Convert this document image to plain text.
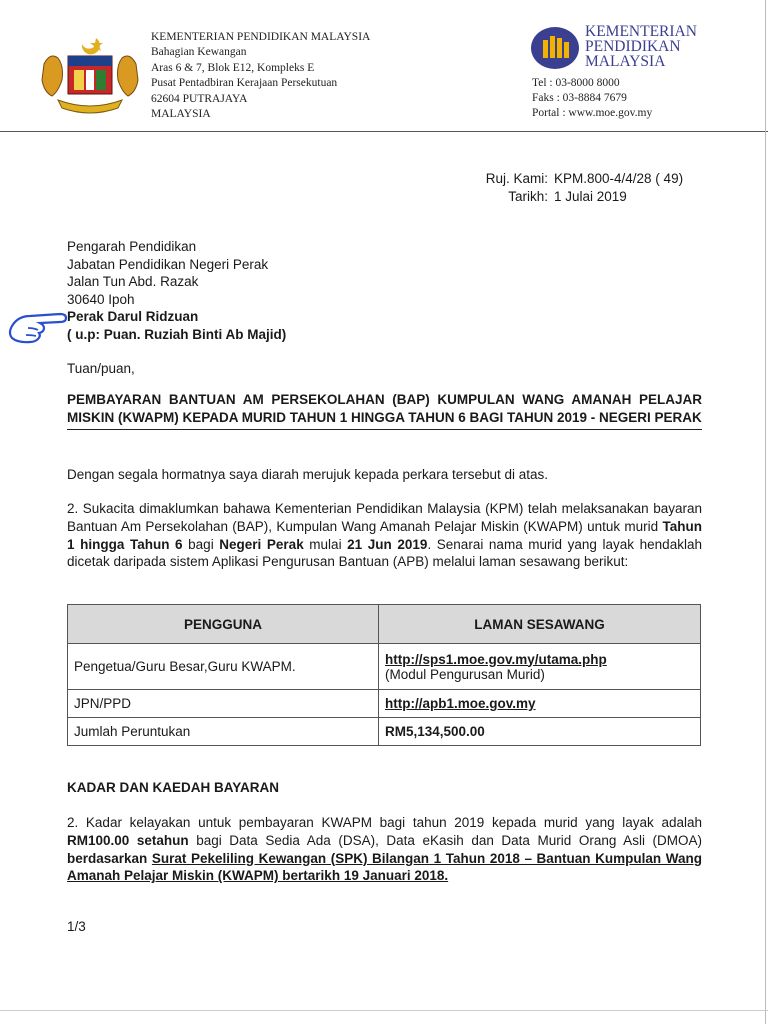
KEMENTERIAN PENDIDIKAN MALAYSIA
Bahagian Kewangan
Aras 6 & 7, Blok E12, Kompleks E
Pusat Pentadbiran Kerajaan Persekutuan
62604 PUTRAJAYA
MALAYSIA
KEMENTERIAN
PENDIDIKAN
MALAYSIA
Tel : 03-8000 8000
Faks : 03-8884 7679
Portal : www.moe.gov.my
Ruj. Kami: KPM.800-4/4/28 ( 49)
Tarikh: 1 Julai 2019
Pengarah Pendidikan
Jabatan Pendidikan Negeri Perak
Jalan Tun Abd. Razak
30640 Ipoh
Perak Darul Ridzuan
( u.p: Puan. Ruziah Binti Ab Majid)
Tuan/puan,
PEMBAYARAN BANTUAN AM PERSEKOLAHAN (BAP) KUMPULAN WANG AMANAH PELAJAR MISKIN (KWAPM) KEPADA MURID TAHUN 1 HINGGA TAHUN 6 BAGI TAHUN 2019 - NEGERI PERAK
Dengan segala hormatnya saya diarah merujuk kepada perkara tersebut di atas.
2. Sukacita dimaklumkan bahawa Kementerian Pendidikan Malaysia (KPM) telah melaksanakan bayaran Bantuan Am Persekolahan (BAP), Kumpulan Wang Amanah Pelajar Miskin (KWAPM) untuk murid Tahun 1 hingga Tahun 6 bagi Negeri Perak mulai 21 Jun 2019. Senarai nama murid yang layak hendaklah dicetak daripada sistem Aplikasi Pengurusan Bantuan (APB) melalui laman sesawang berikut:
PENGGUNA	LAMAN SESAWANG
Pengetua/Guru Besar,Guru KWAPM.	http://sps1.moe.gov.my/utama.php
(Modul Pengurusan Murid)

JPN/PPD	http://apb1.moe.gov.my
Jumlah Peruntukan	RM5,134,500.00
KADAR DAN KAEDAH BAYARAN
2. Kadar kelayakan untuk pembayaran KWAPM bagi tahun 2019 kepada murid yang layak adalah RM100.00 setahun bagi Data Sedia Ada (DSA), Data eKasih dan Data Murid Orang Asli (DMOA) berdasarkan Surat Pekeliling Kewangan (SPK) Bilangan 1 Tahun 2018 – Bantuan Kumpulan Wang Amanah Pelajar Miskin (KWAPM) bertarikh 19 Januari 2018.
1/3
